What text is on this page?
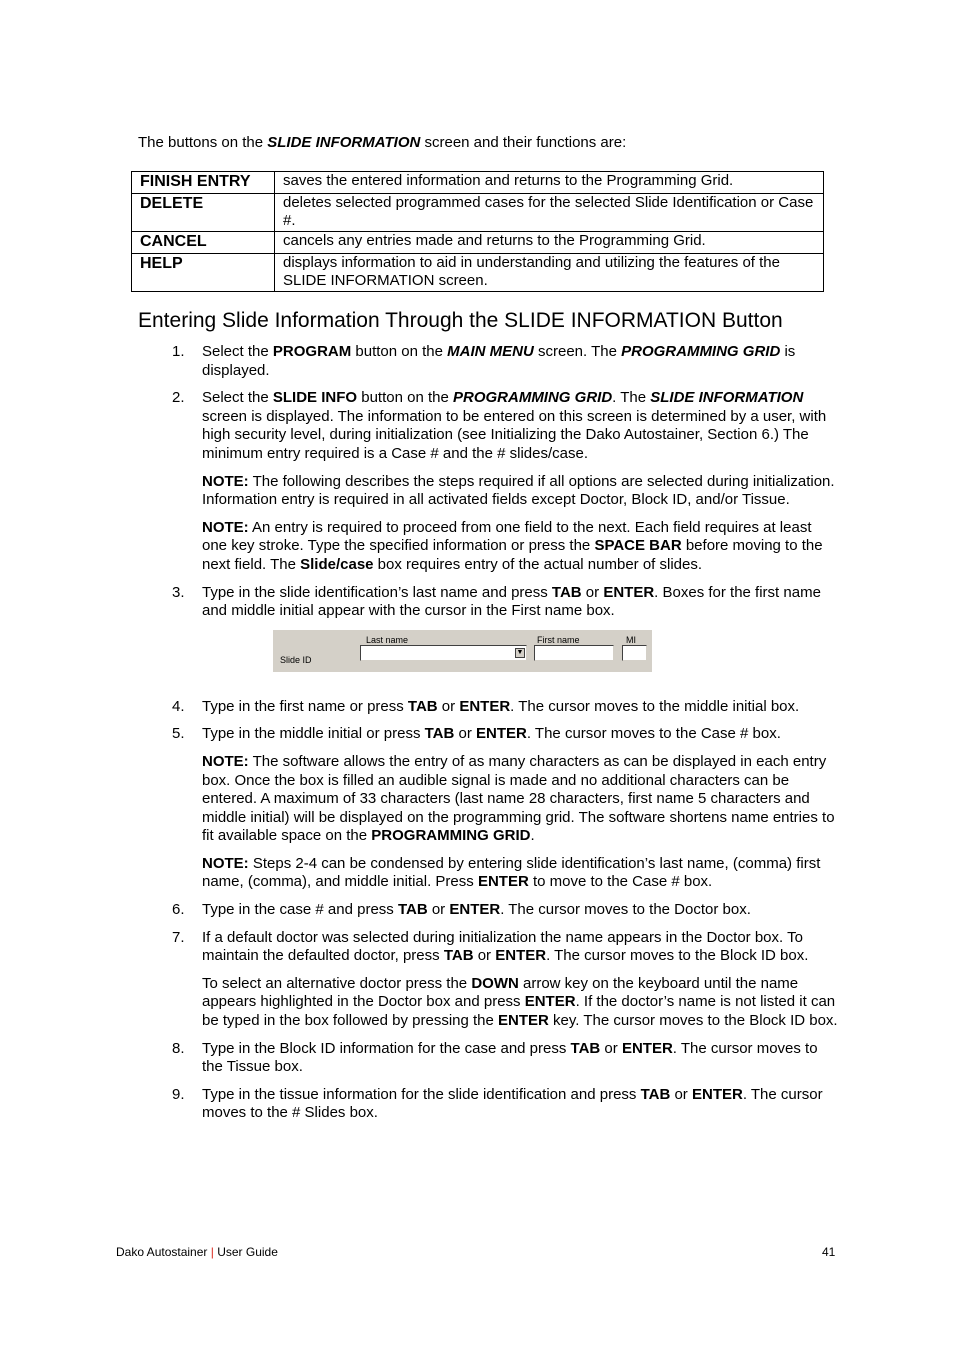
The buttons on the SLIDE INFORMATION screen and their functions are:
FINISH ENTRY	saves the entered information and returns to the Programming Grid.
DELETE	deletes selected programmed cases for the selected Slide Identification or Case #.
CANCEL	cancels any entries made and returns to the Programming Grid.
HELP	displays information to aid in understanding and utilizing the features of the SLIDE INFORMATION screen.
Entering Slide Information Through the SLIDE INFORMATION Button
1. Select the PROGRAM button on the MAIN MENU screen. The PROGRAMMING GRID is displayed.
2. Select the SLIDE INFO button on the PROGRAMMING GRID. The SLIDE INFORMATION screen is displayed. The information to be entered on this screen is determined by a user, with high security level, during initialization (see Initializing the Dako Autostainer, Section 6.) The minimum entry required is a Case # and the # slides/case.
NOTE: The following describes the steps required if all options are selected during initialization. Information entry is required in all activated fields except Doctor, Block ID, and/or Tissue.
NOTE: An entry is required to proceed from one field to the next. Each field requires at least one key stroke. Type the specified information or press the SPACE BAR before moving to the next field. The Slide/case box requires entry of the actual number of slides.
3. Type in the slide identification’s last name and press TAB or ENTER. Boxes for the first name and middle initial appear with the cursor in the First name box.
Last name	First name	MI
Slide ID
▼
4. Type in the first name or press TAB or ENTER. The cursor moves to the middle initial box.
5. Type in the middle initial or press TAB or ENTER. The cursor moves to the Case # box.
NOTE: The software allows the entry of as many characters as can be displayed in each entry box. Once the box is filled an audible signal is made and no additional characters can be entered. A maximum of 33 characters (last name 28 characters, first name 5 characters and middle initial) will be displayed on the programming grid. The software shortens name entries to fit available space on the PROGRAMMING GRID.
NOTE: Steps 2-4 can be condensed by entering slide identification’s last name, (comma) first name, (comma), and middle initial. Press ENTER to move to the Case # box.
6. Type in the case # and press TAB or ENTER. The cursor moves to the Doctor box.
7. If a default doctor was selected during initialization the name appears in the Doctor box. To maintain the defaulted doctor, press TAB or ENTER. The cursor moves to the Block ID box.
To select an alternative doctor press the DOWN arrow key on the keyboard until the name appears highlighted in the Doctor box and press ENTER. If the doctor’s name is not listed it can be typed in the box followed by pressing the ENTER key. The cursor moves to the Block ID box.
8. Type in the Block ID information for the case and press TAB or ENTER. The cursor moves to the Tissue box.
9. Type in the tissue information for the slide identification and press TAB or ENTER. The cursor moves to the # Slides box.
Dako Autostainer | User Guide	41
